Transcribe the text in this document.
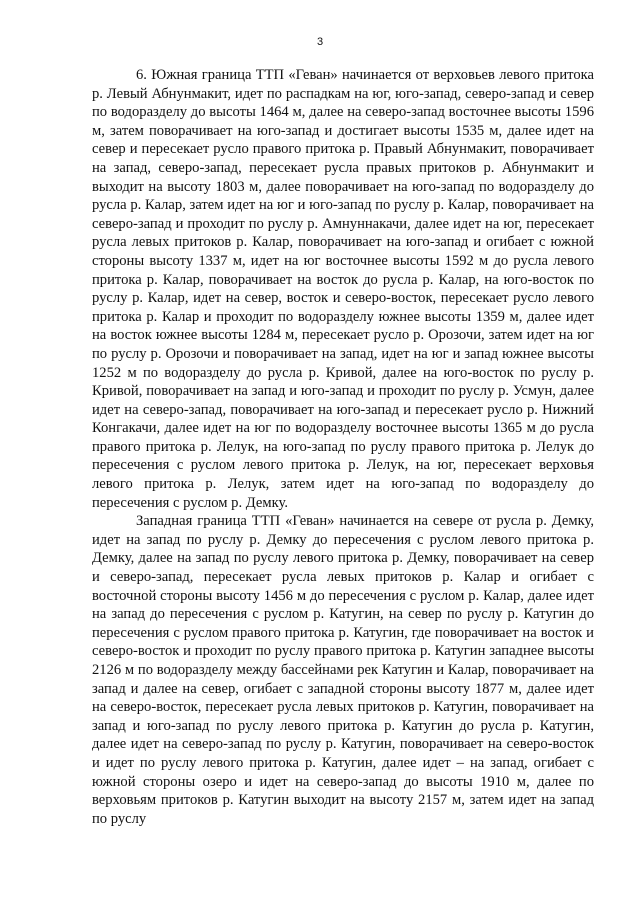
3

6. Южная граница ТТП «Геван» начинается от верховьев левого притока р. Левый Абнунмакит, идет по распадкам на юг, юго-запад, северо-запад и север по водоразделу до высоты 1464 м, далее на северо-запад восточнее высоты 1596 м, затем поворачивает на юго-запад и достигает высоты 1535 м, далее идет на север и пересекает русло правого притока р. Правый Абнунмакит, поворачивает на запад, северо-запад, пересекает русла правых притоков р. Абнунмакит и выходит на высоту 1803 м, далее поворачивает на юго-запад по водоразделу до русла р. Калар, затем идет на юг и юго-запад по руслу р. Калар, поворачивает на северо-запад и проходит по руслу р. Амнуннакачи, далее идет на юг, пересекает русла левых притоков р. Калар, поворачивает на юго-запад и огибает с южной стороны высоту 1337 м, идет на юг восточнее высоты 1592 м до русла левого притока р. Калар, поворачивает на восток до русла р. Калар, на юго-восток по руслу р. Калар, идет на север, восток и северо-восток, пересекает русло левого притока р. Калар и проходит по водоразделу южнее высоты 1359 м, далее идет на восток южнее высоты 1284 м, пересекает русло р. Орозочи, затем идет на юг по руслу р. Орозочи и поворачивает на запад, идет на юг и запад южнее высоты 1252 м по водоразделу до русла р. Кривой, далее на юго-восток по руслу р. Кривой, поворачивает на запад и юго-запад и проходит по руслу р. Усмун, далее идет на северо-запад, поворачивает на юго-запад и пересекает русло р. Нижний Конгакачи, далее идет на юг по водоразделу восточнее высоты 1365 м до русла правого притока р. Лелук, на юго-запад по руслу правого притока р. Лелук до пересечения с руслом левого притока р. Лелук, на юг, пересекает верховья левого притока р. Лелук, затем идет на юго-запад по водоразделу до пересечения с руслом р. Демку.

Западная граница ТТП «Геван» начинается на севере от русла р. Демку, идет на запад по руслу р. Демку до пересечения с руслом левого притока р. Демку, далее на запад по руслу левого притока р. Демку, поворачивает на север и северо-запад, пересекает русла левых притоков р. Калар и огибает с восточной стороны высоту 1456 м до пересечения с руслом р. Калар, далее идет на запад до пересечения с руслом р. Катугин, на север по руслу р. Катугин до пересечения с руслом правого притока р. Катугин, где поворачивает на восток и северо-восток и проходит по руслу правого притока р. Катугин западнее высоты 2126 м по водоразделу между бассейнами рек Катугин и Калар, поворачивает на запад и далее на север, огибает с западной стороны высоту 1877 м, далее идет на северо-восток, пересекает русла левых притоков р. Катугин, поворачивает на запад и юго-запад по руслу левого притока р. Катугин до русла р. Катугин, далее идет на северо-запад по руслу р. Катугин, поворачивает на северо-восток и идет по руслу левого притока р. Катугин, далее идет – на запад, огибает с южной стороны озеро и идет на северо-запад до высоты 1910 м, далее по верховьям притоков р. Катугин выходит на высоту 2157 м, затем идет на запад по руслу
